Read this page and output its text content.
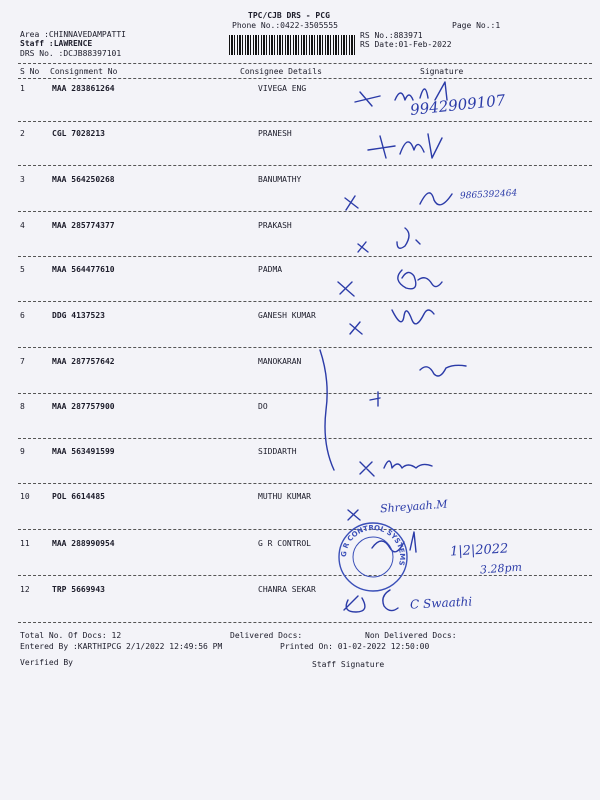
TPC/CJB DRS - PCG
Phone No.:0422-3505555	Page No.:1
Area :CHINNAVEDAMPATTI
Staff :LAWRENCE
DRS No. :DCJB88397101
RS No.:883971
RS Date:01-Feb-2022
S No Consignment No	Consignee Details	Signature
1	MAA 283861264	VIVEGA ENG
2	CGL 7028213	PRANESH
3	MAA 564250268	BANUMATHY
4	MAA 285774377	PRAKASH
5	MAA 564477610	PADMA
6	DDG 4137523	GANESH KUMAR
7	MAA 287757642	MANOKARAN
8	MAA 287757900	DO
9	MAA 563491599	SIDDARTH
10	POL 6614485	MUTHU KUMAR
11	MAA 288990954	G R CONTROL
12	TRP 5669943	CHANRA SEKAR
9942909107
9865392464
Shreyaah.M
1|2|2022
3.28pm
C Swaathi
G R CONTROL SYSTEMS
Total No. Of Docs: 12	Delivered Docs:	Non Delivered Docs:
Entered By :KARTHIPCG 2/1/2022 12:49:56 PM	Printed On: 01-02-2022 12:50:00
Verified By	Staff Signature
